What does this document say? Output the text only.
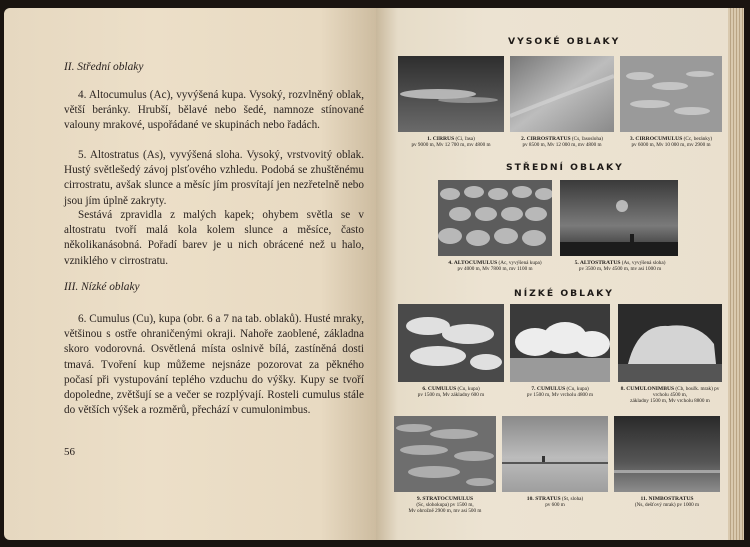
II. Střední oblaky

4. Altocumulus (Ac), vyvýšená kupa. Vysoký, rozvlněný oblak, větší beránky. Hrubší, bělavé nebo šedé, namnoze stínované valouny mrakové, uspořádané ve skupinách nebo řadách.

5. Altostratus (As), vyvýšená sloha. Vysoký, vrstvovitý oblak. Hustý světlešedý závoj plsťového vzhledu. Podobá se zhuštěnému cirrostratu, avšak slunce a měsíc jím prosvítají jen nezřetelně nebo jsou jím úplně zakryty.

Sestává zpravidla z malých kapek; ohybem světla se v altostratu tvoří malá kola kolem slunce a měsíce, často několikanásobná. Pořadí barev je u nich obrácené než u halo, vzniklého v cirrostratu.

III. Nízké oblaky

6. Cumulus (Cu), kupa (obr. 6 a 7 na tab. oblaků). Husté mraky, většinou s ostře ohraničenými okraji. Nahoře zaoblené, základna skoro vodorovná. Osvětlená místa oslnivě bílá, zastíněná dosti tmavá. Tvoření kup můžeme nejsnáze pozorovat za pěkného počasí při vystupování teplého vzduchu do výšky. Kupy se tvoří dopoledne, zvětšují se a večer se rozplývají. Rosteli cumulus stále do větších výšek a rozměrů, přechází v cumulonimbus.

56
VYSOKÉ OBLAKY
1. CIRRUS (Ci, řasa)
pv 9000 m, Mv 12 700 m, mv 4800 m
2. CIRROSTRATUS (Cs, řasosloha)
pv 8500 m, Mv 12 000 m, mv 4800 m
3. CIRROCUMULUS (Cc, beránky)
pv 6000 m, Mv 10 000 m, mv 2900 m
STŘEDNÍ OBLAKY
4. ALTOCUMULUS (Ac, vyvýšená kupa)
pv 4000 m, Mv 7800 m, mv 1100 m
5. ALTOSTRATUS (As, vyvýšená sloha)
pv 3500 m, Mv 4500 m, mv asi 1000 m
NÍZKÉ OBLAKY
6. CUMULUS (Cu, kupa)
pv 1500 m, Mv základny 600 m
7. CUMULUS (Cu, kupa)
pv 1500 m, Mv vrcholu 4800 m
8. CUMULONIMBUS (Cb, bouřk. mrak) pv vrcholu 4500 m,
základny 1500 m, Mv vrcholu 8800 m
9. STRATOCUMULUS
(Sc, slohokupa) pv 1500 m,
Mv ohrožně 2900 m, mv asi 500 m
10. STRATUS (St, sloha)
pv 600 m
11. NIMBOSTRATUS
(Ns, dešťový mrak) pv 1000 m
